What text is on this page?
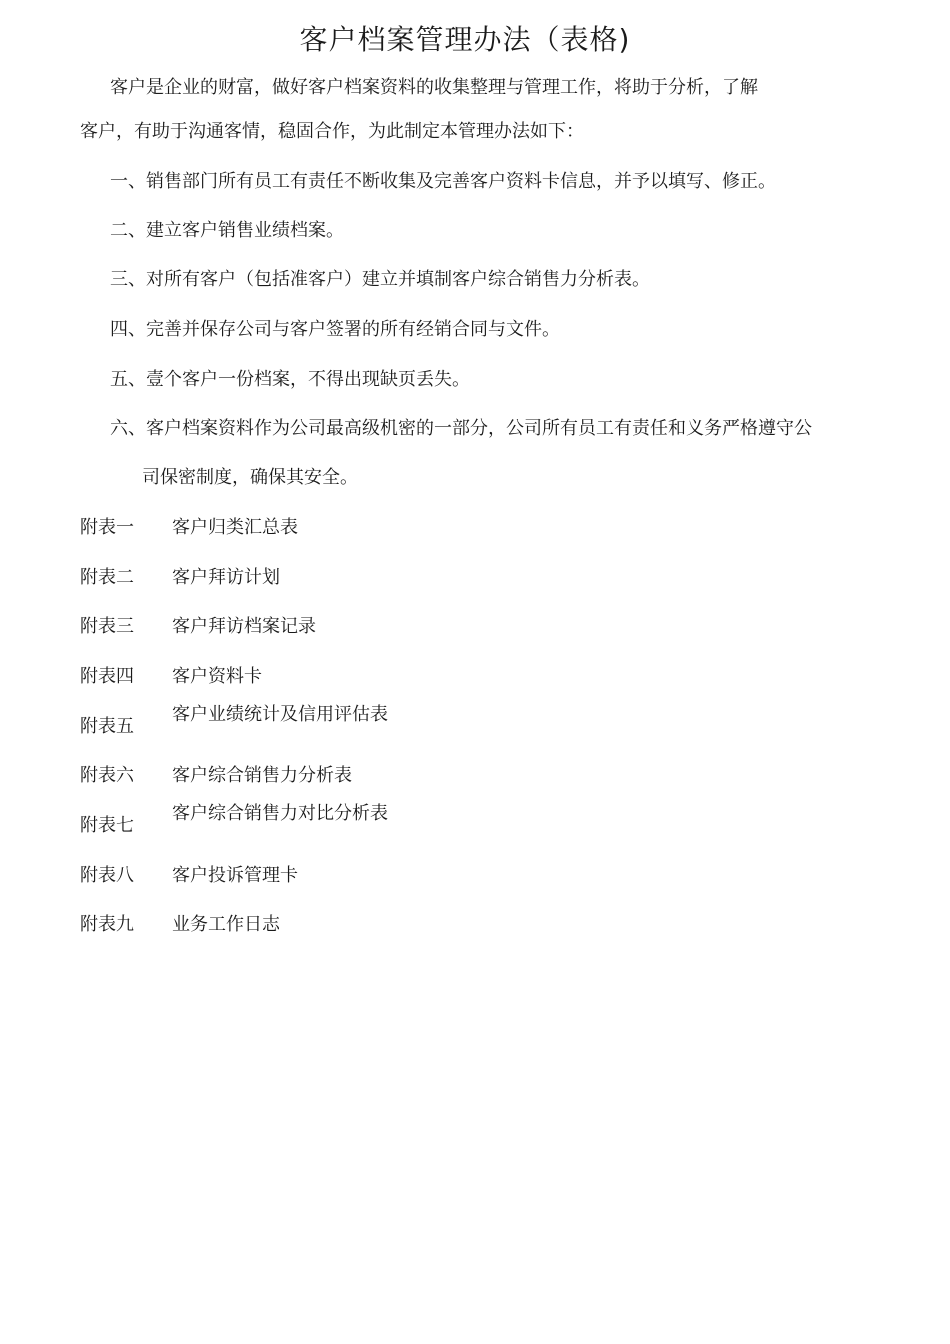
客户档案管理办法（表格)
客户是企业的财富，做好客户档案资料的收集整理与管理工作，将助于分析，了解
客户，有助于沟通客情，稳固合作，为此制定本管理办法如下：
一、销售部门所有员工有责任不断收集及完善客户资料卡信息，并予以填写、修正。
二、建立客户销售业绩档案。
三、对所有客户（包括准客户）建立并填制客户综合销售力分析表。
四、完善并保存公司与客户签署的所有经销合同与文件。
五、壹个客户一份档案，不得出现缺页丢失。
六、客户档案资料作为公司最高级机密的一部分，公司所有员工有责任和义务严格遵守公
司保密制度，确保其安全。
附表一 客户归类汇总表
附表二 客户拜访计划
附表三 客户拜访档案记录
附表四 客户资料卡
附表五
客户业绩统计及信用评估表
附表六 客户综合销售力分析表
附表七
客户综合销售力对比分析表
附表八 客户投诉管理卡
附表九 业务工作日志
